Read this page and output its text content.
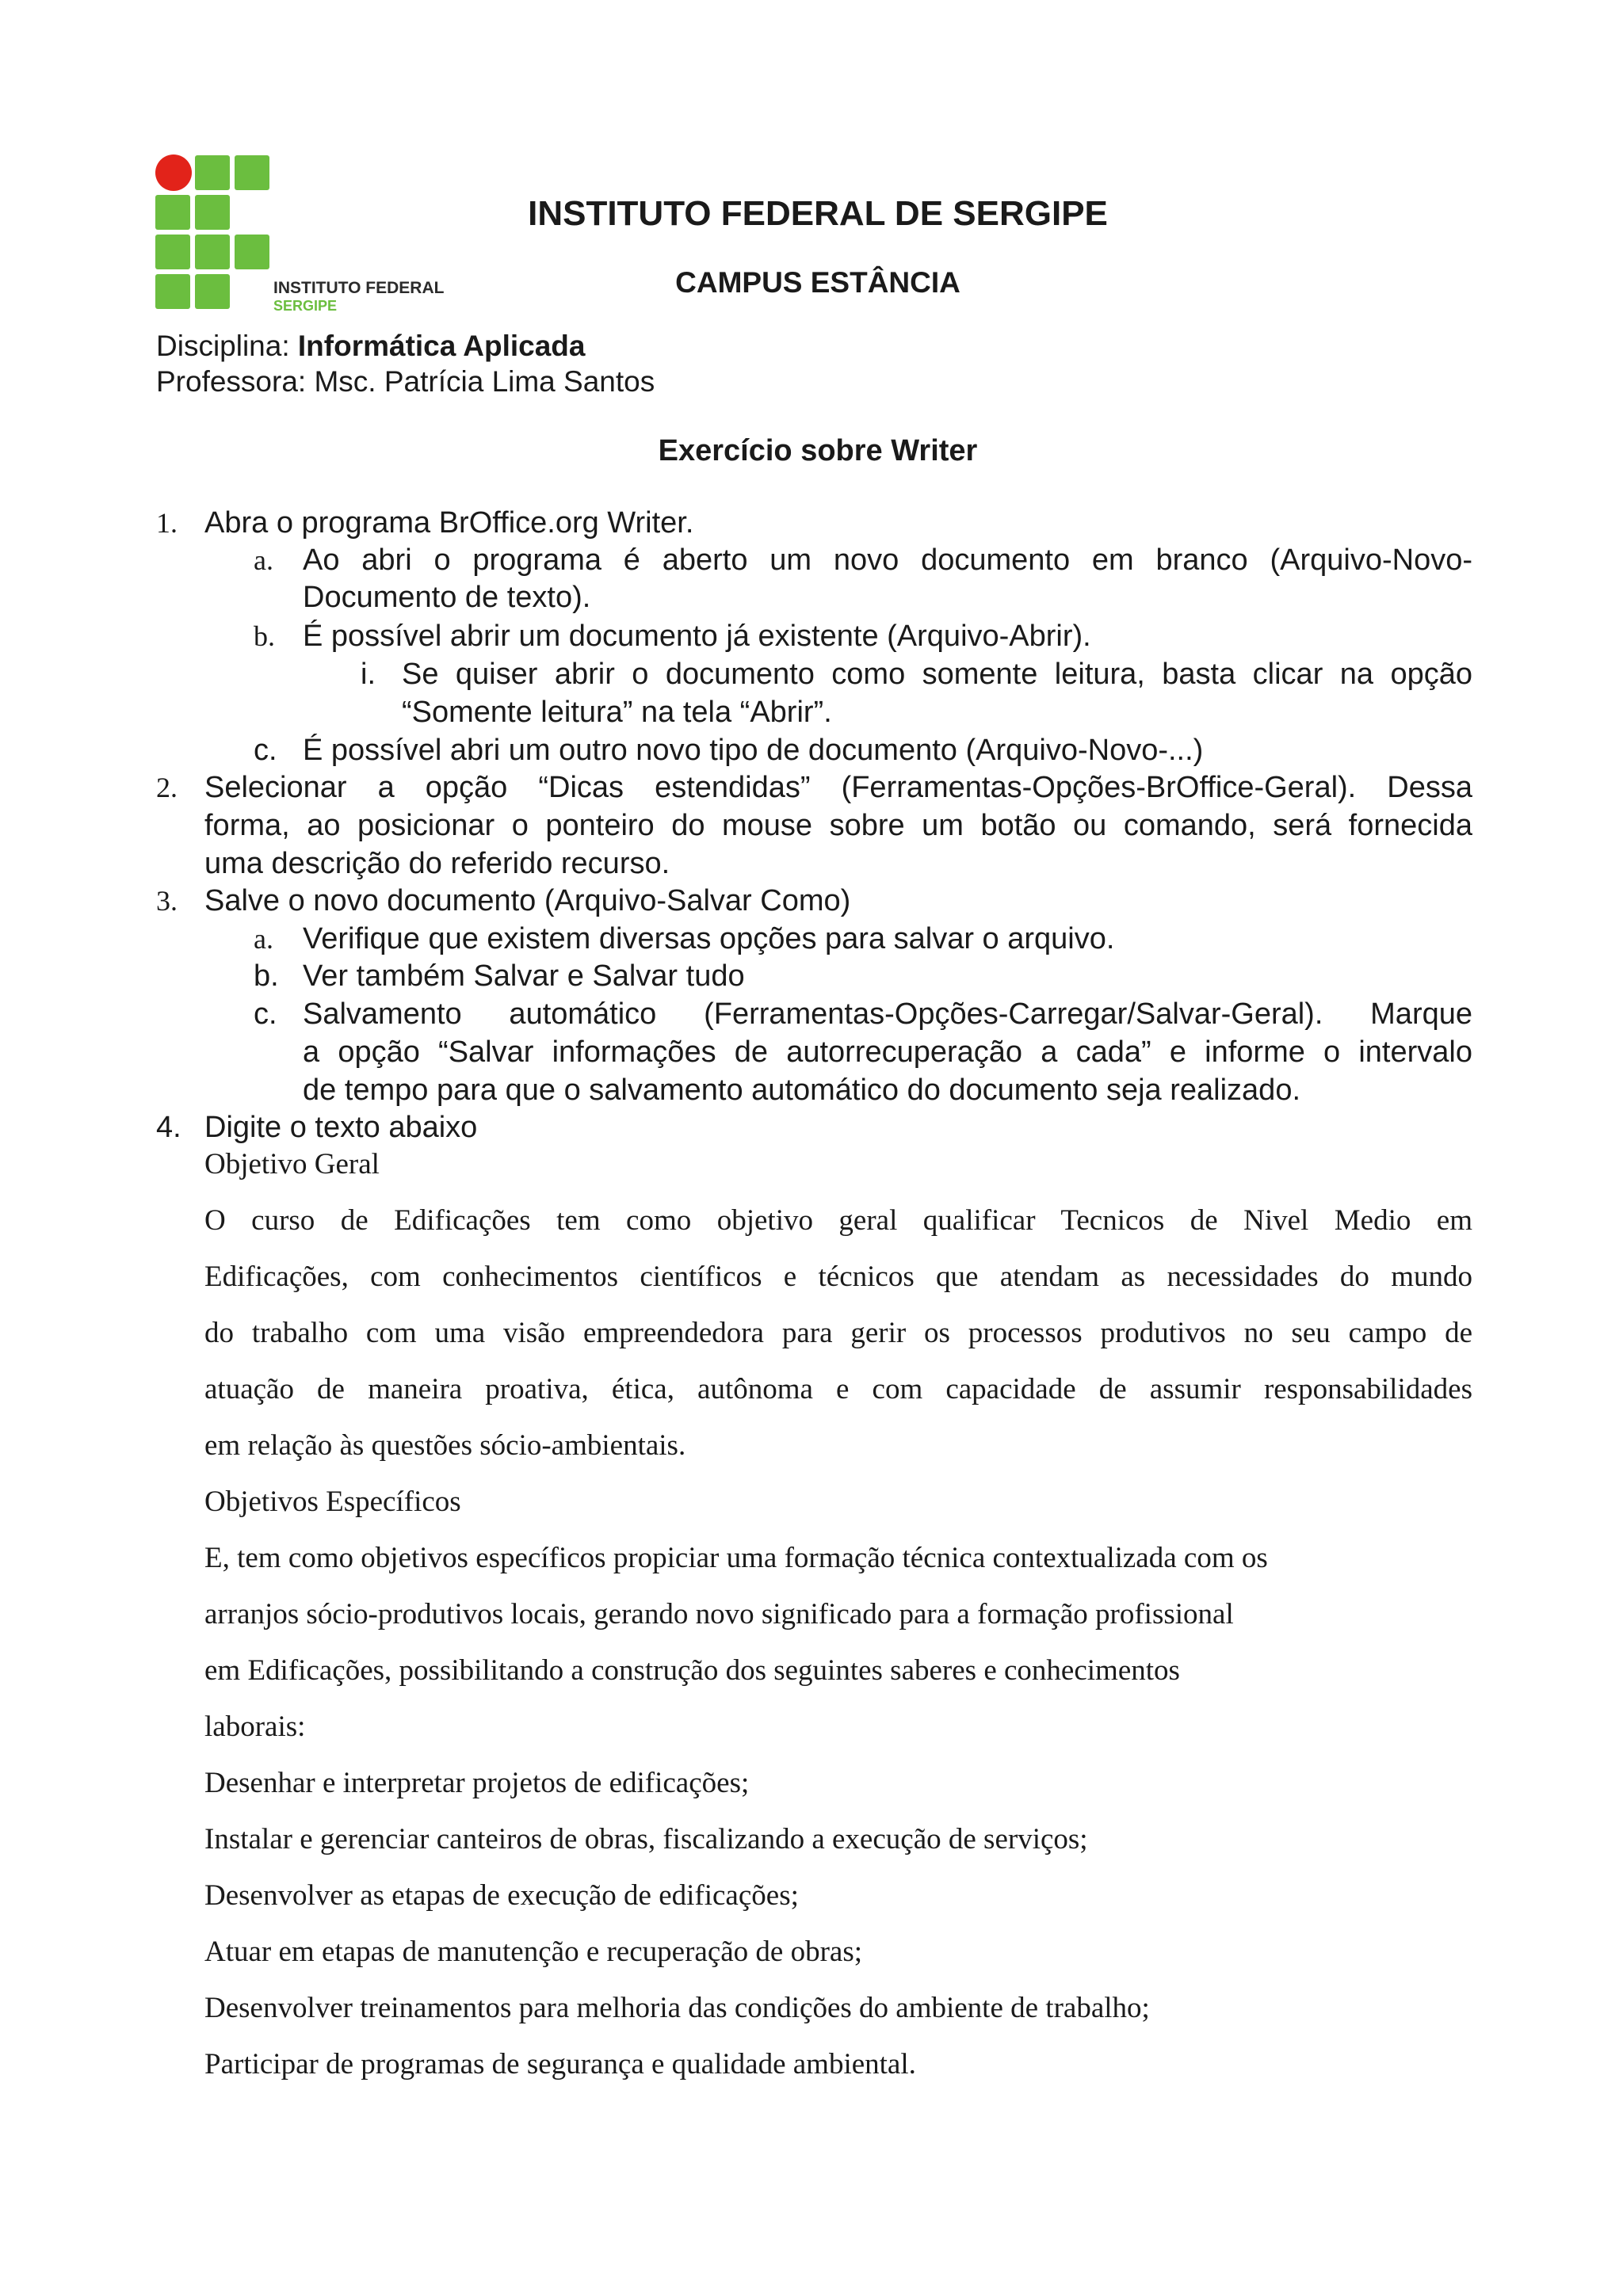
INSTITUTO FEDERAL
SERGIPE
INSTITUTO FEDERAL DE SERGIPE
CAMPUS ESTÂNCIA
Disciplina: Informática Aplicada
Professora: Msc. Patrícia Lima Santos
Exercício sobre Writer
1. Abra o programa BrOffice.org Writer.
a. Ao abri o programa é aberto um novo documento em branco (Arquivo-Novo-
Documento de texto).
b. É possível abrir um documento já existente (Arquivo-Abrir).
i. Se quiser abrir o documento como somente leitura, basta clicar na opção
“Somente leitura” na tela “Abrir”.
c. É possível abri um outro novo tipo de documento (Arquivo-Novo-...)
2. Selecionar a opção “Dicas estendidas” (Ferramentas-Opções-BrOffice-Geral). Dessa
forma, ao posicionar o ponteiro do mouse sobre um botão ou comando, será fornecida
uma descrição do referido recurso.
3. Salve o novo documento (Arquivo-Salvar Como)
a. Verifique que existem diversas opções para salvar o arquivo.
b. Ver também Salvar e Salvar tudo
c. Salvamento automático (Ferramentas-Opções-Carregar/Salvar-Geral). Marque
a opção “Salvar informações de autorrecuperação a cada” e informe o intervalo
de tempo para que o salvamento automático do documento seja realizado.
4. Digite o texto abaixo
Objetivo Geral
O curso de Edificações tem como objetivo geral qualificar Tecnicos de Nivel Medio em
Edificações, com conhecimentos científicos e técnicos que atendam as necessidades do mundo
do trabalho com uma visão empreendedora para gerir os processos produtivos no seu campo de
atuação de maneira proativa, ética, autônoma e com capacidade de assumir responsabilidades
em relação às questões sócio-ambientais.
Objetivos Específicos
E, tem como objetivos específicos propiciar uma formação técnica contextualizada com os
arranjos sócio-produtivos locais, gerando novo significado para a formação profissional
em Edificações, possibilitando a construção dos seguintes saberes e conhecimentos
laborais:
Desenhar e interpretar projetos de edificações;
Instalar e gerenciar canteiros de obras, fiscalizando a execução de serviços;
Desenvolver as etapas de execução de edificações;
Atuar em etapas de manutenção e recuperação de obras;
Desenvolver treinamentos para melhoria das condições do ambiente de trabalho;
Participar de programas de segurança e qualidade ambiental.
